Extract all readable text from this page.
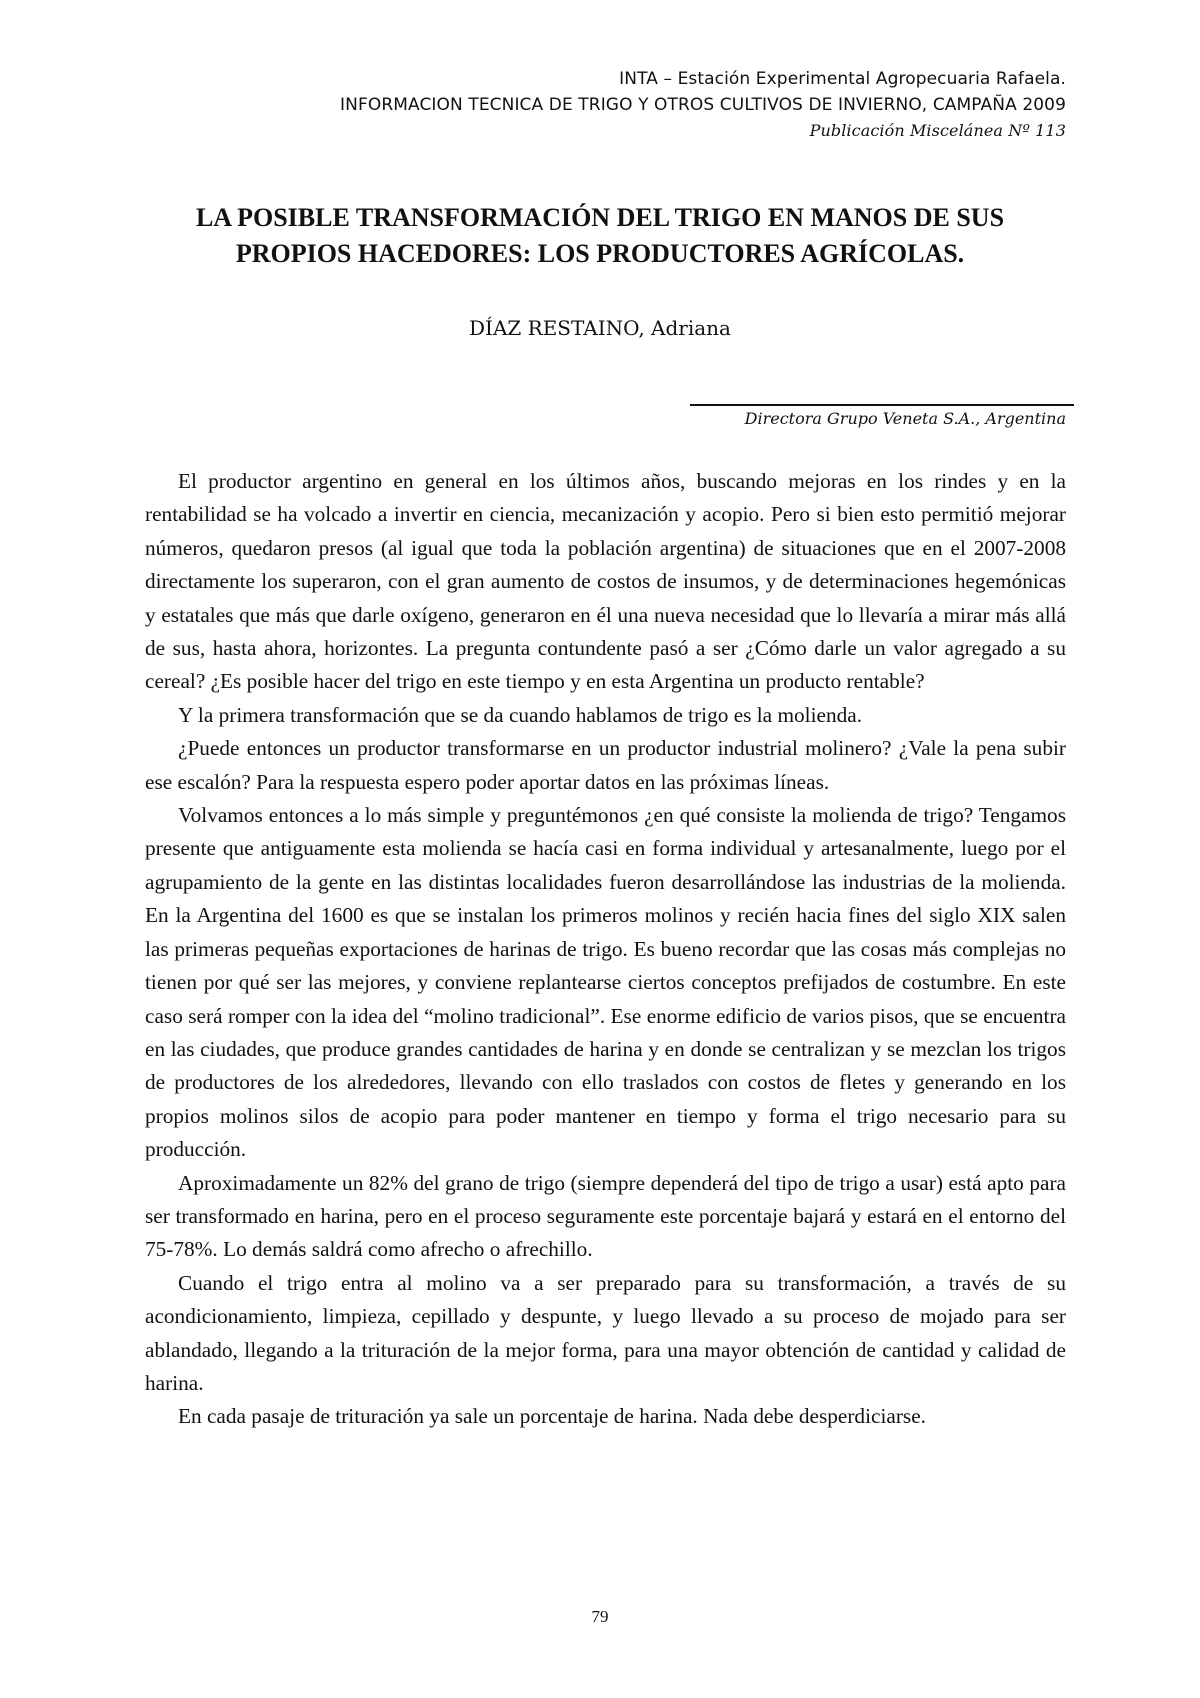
INTA – Estación Experimental Agropecuaria Rafaela.
INFORMACION TECNICA DE TRIGO Y OTROS CULTIVOS DE INVIERNO, CAMPAÑA 2009
Publicación Miscelánea Nº 113
LA POSIBLE TRANSFORMACIÓN DEL TRIGO EN MANOS DE SUS
PROPIOS HACEDORES: LOS PRODUCTORES AGRÍCOLAS.
DÍAZ RESTAINO, Adriana
Directora Grupo Veneta S.A., Argentina

El productor argentino en general en los últimos años, buscando mejoras en los rindes y en la rentabilidad se ha volcado a invertir en ciencia, mecanización y acopio. Pero si bien esto permitió mejorar números, quedaron presos (al igual que toda la población argentina) de situaciones que en el 2007-2008 directamente los superaron, con el gran aumento de costos de insumos, y de determinaciones hegemónicas y estatales que más que darle oxígeno, generaron en él una nueva necesidad que lo llevaría a mirar más allá de sus, hasta ahora, horizontes. La pregunta contundente pasó a ser ¿Cómo darle un valor agregado a su cereal? ¿Es posible hacer del trigo en este tiempo y en esta Argentina un producto rentable?

Y la primera transformación que se da cuando hablamos de trigo es la molienda.

¿Puede entonces un productor transformarse en un productor industrial molinero? ¿Vale la pena subir ese escalón? Para la respuesta espero poder aportar datos en las próximas líneas.

Volvamos entonces a lo más simple y preguntémonos ¿en qué consiste la molienda de trigo? Tengamos presente que antiguamente esta molienda se hacía casi en forma individual y artesanalmente, luego por el agrupamiento de la gente en las distintas localidades fueron desarrollándose las industrias de la molienda. En la Argentina del 1600 es que se instalan los primeros molinos y recién hacia fines del siglo XIX salen las primeras pequeñas exportaciones de harinas de trigo. Es bueno recordar que las cosas más complejas no tienen por qué ser las mejores, y conviene replantearse ciertos conceptos prefijados de costumbre. En este caso será romper con la idea del “molino tradicional”. Ese enorme edificio de varios pisos, que se encuentra en las ciudades, que produce grandes cantidades de harina y en donde se centralizan y se mezclan los trigos de productores de los alrededores, llevando con ello traslados con costos de fletes y generando en los propios molinos silos de acopio para poder mantener en tiempo y forma el trigo necesario para su producción.

Aproximadamente un 82% del grano de trigo (siempre dependerá del tipo de trigo a usar) está apto para ser transformado en harina, pero en el proceso seguramente este porcentaje bajará y estará en el entorno del 75-78%. Lo demás saldrá como afrecho o afrechillo.

Cuando el trigo entra al molino va a ser preparado para su transformación, a través de su acondicionamiento, limpieza, cepillado y despunte, y luego llevado a su proceso de mojado para ser ablandado, llegando a la trituración de la mejor forma, para una mayor obtención de cantidad y calidad de harina.

En cada pasaje de trituración ya sale un porcentaje de harina. Nada debe desperdiciarse.

79
